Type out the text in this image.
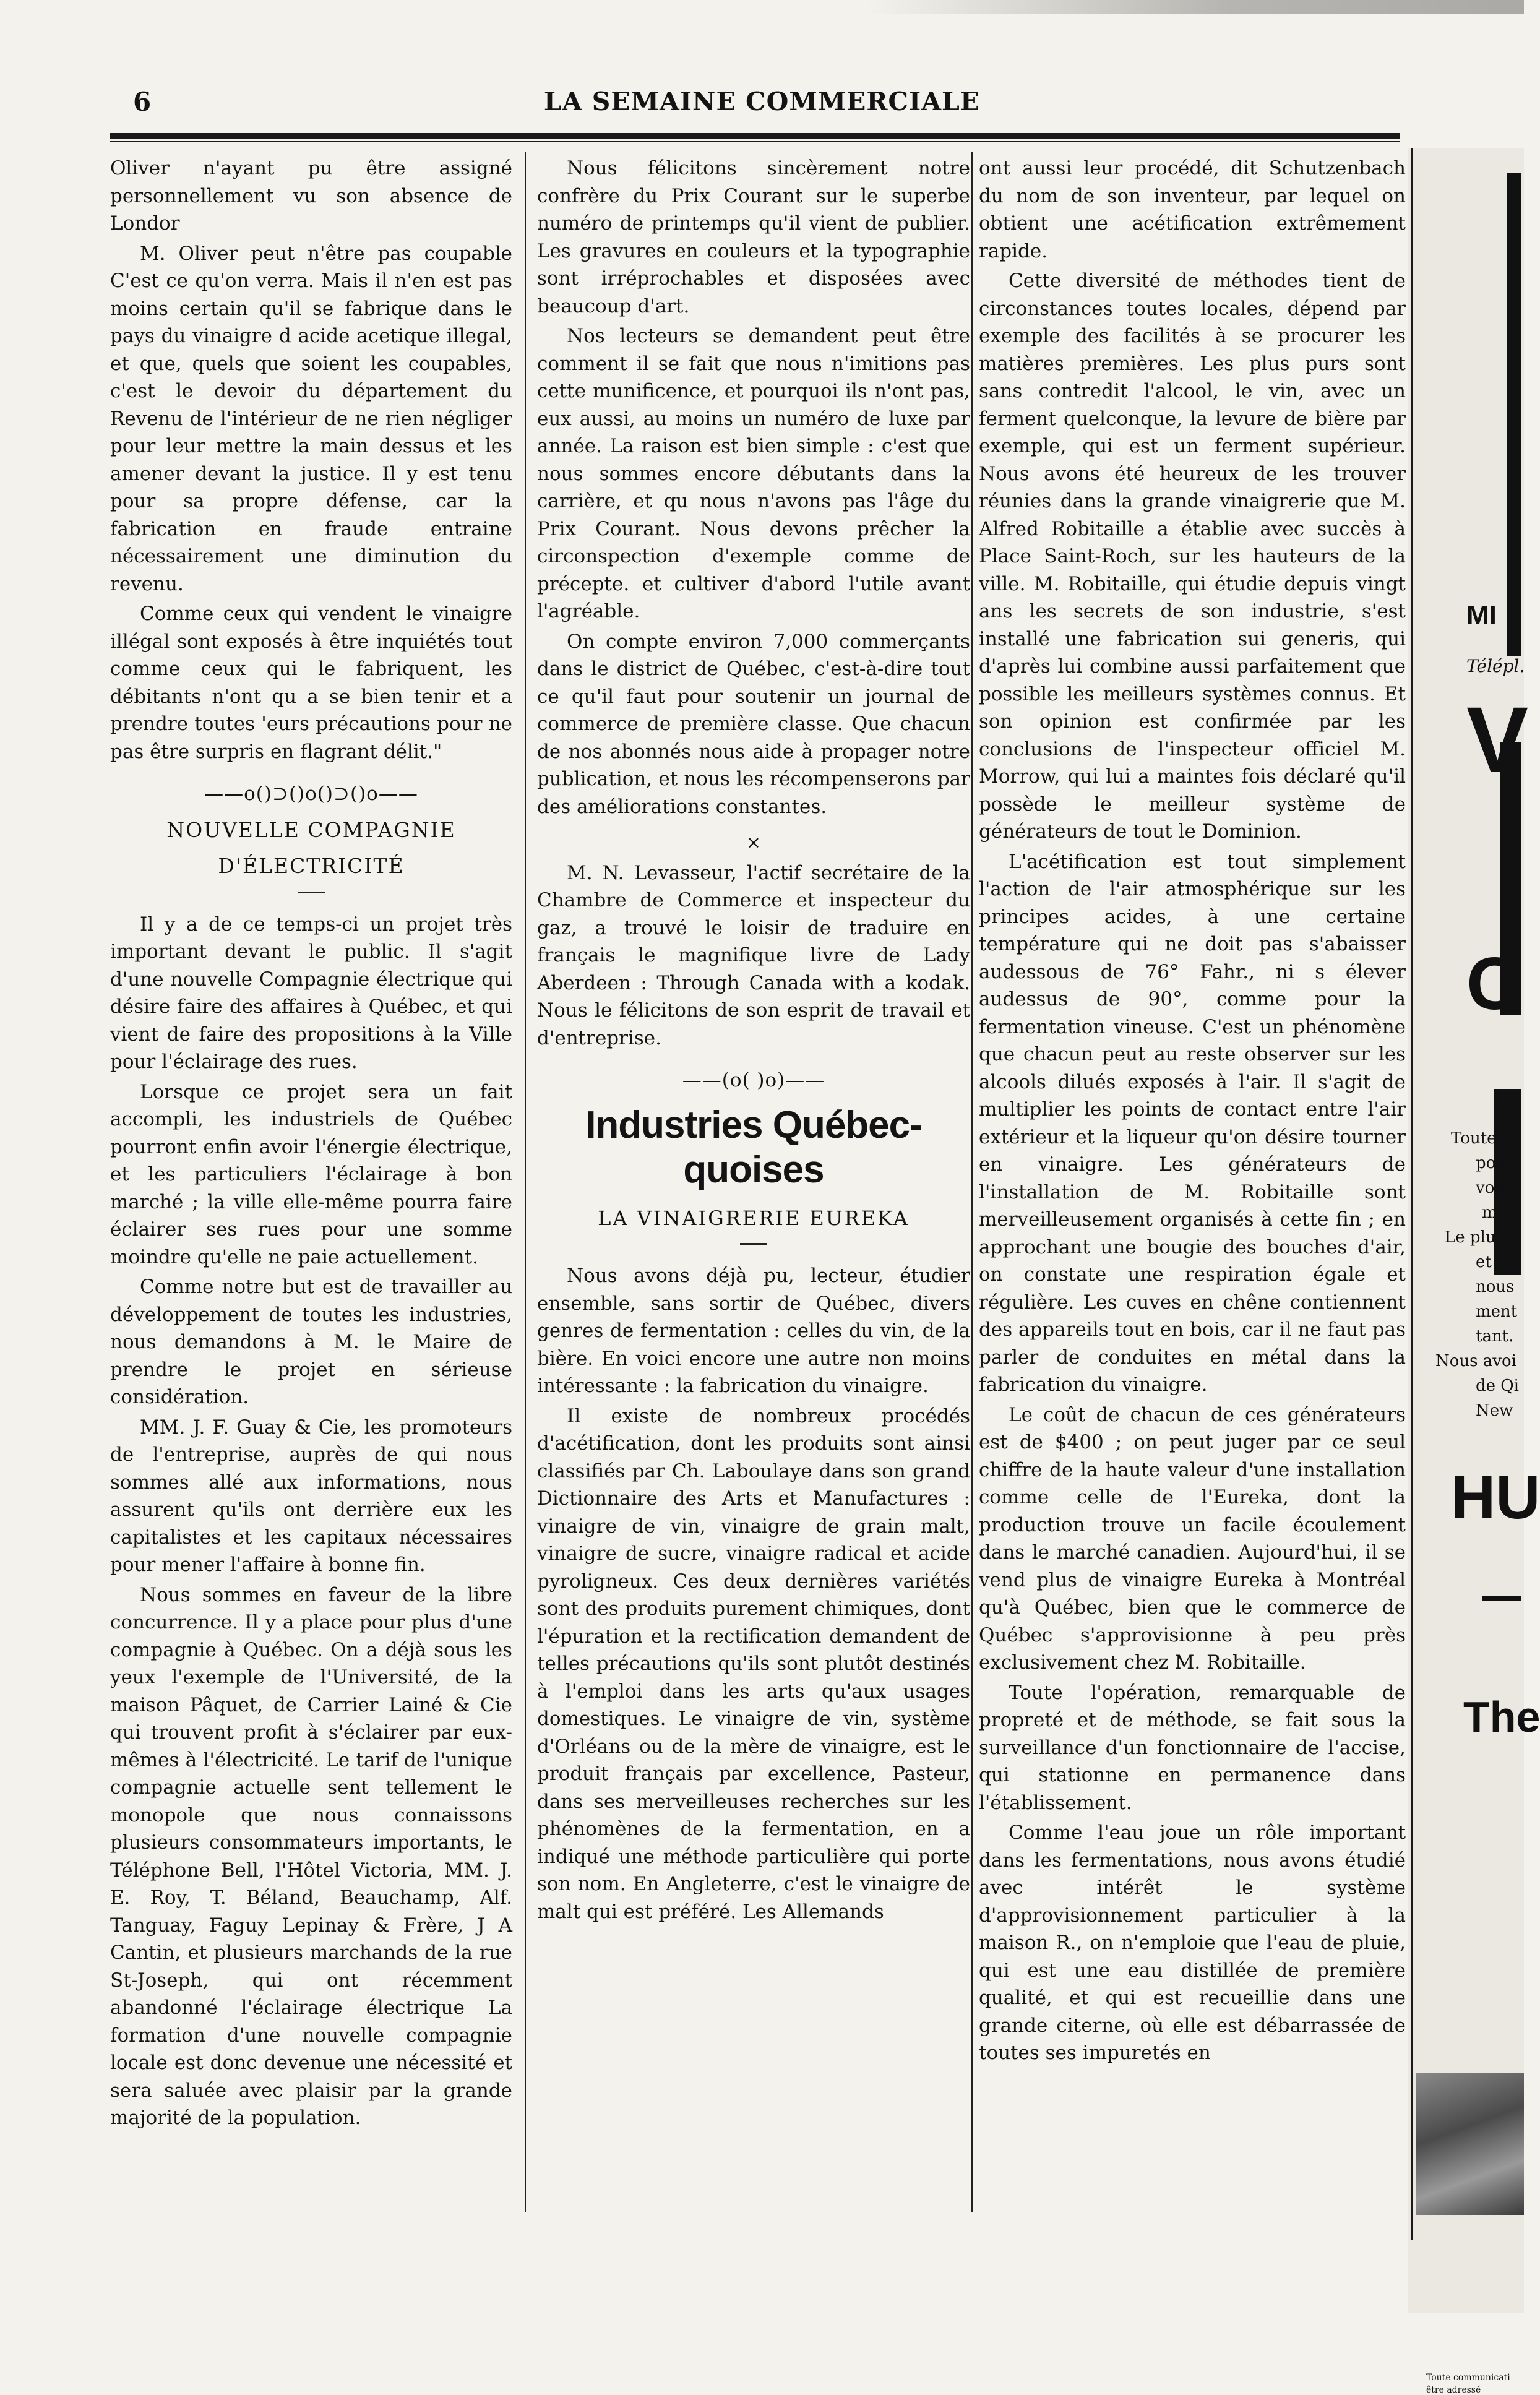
6	LA SEMAINE COMMERCIALE

Oliver n'ayant pu être assigné personnellement vu son absence de Londor

M. Oliver peut n'être pas coupable C'est ce qu'on verra. Mais il n'en est pas moins certain qu'il se fabrique dans le pays du vinaigre d acide acetique illegal, et que, quels que soient les coupables, c'est le devoir du département du Revenu de l'intérieur de ne rien négliger pour leur mettre la main dessus et les amener devant la justice. Il y est tenu pour sa propre défense, car la fabrication en fraude entraine nécessairement une diminution du revenu.

Comme ceux qui vendent le vinaigre illégal sont exposés à être inquiétés tout comme ceux qui le fabriquent, les débitants n'ont qu a se bien tenir et a prendre toutes 'eurs précautions pour ne pas être surpris en flagrant délit."

——o()⊃()o()⊃()o——
NOUVELLE COMPAGNIE
D'ÉLECTRICITÉ

Il y a de ce temps-ci un projet très important devant le public. Il s'agit d'une nouvelle Compagnie électrique qui désire faire des affaires à Québec, et qui vient de faire des propositions à la Ville pour l'éclairage des rues.

Lorsque ce projet sera un fait accompli, les industriels de Québec pourront enfin avoir l'énergie électrique, et les particuliers l'éclairage à bon marché ; la ville elle-même pourra faire éclairer ses rues pour une somme moindre qu'elle ne paie actuellement.

Comme notre but est de travailler au développement de toutes les industries, nous demandons à M. le Maire de prendre le projet en sérieuse considération.

MM. J. F. Guay & Cie, les promoteurs de l'entreprise, auprès de qui nous sommes allé aux informations, nous assurent qu'ils ont derrière eux les capitalistes et les capitaux nécessaires pour mener l'affaire à bonne fin.

Nous sommes en faveur de la libre concurrence. Il y a place pour plus d'une compagnie à Québec. On a déjà sous les yeux l'exemple de l'Université, de la maison Pâquet, de Carrier Lainé & Cie qui trouvent profit à s'éclairer par eux-mêmes à l'électricité. Le tarif de l'unique compagnie actuelle sent tellement le monopole que nous connaissons plusieurs consommateurs importants, le Téléphone Bell, l'Hôtel Victoria, MM. J. E. Roy, T. Béland, Beauchamp, Alf. Tanguay, Faguy Lepinay & Frère, J A Cantin, et plusieurs marchands de la rue St-Joseph, qui ont récemment abandonné l'éclairage électrique La formation d'une nouvelle compagnie locale est donc devenue une nécessité et sera saluée avec plaisir par la grande majorité de la population.

Nous félicitons sincèrement notre confrère du Prix Courant sur le superbe numéro de printemps qu'il vient de publier. Les gravures en couleurs et la typographie sont irréprochables et disposées avec beaucoup d'art.

Nos lecteurs se demandent peut être comment il se fait que nous n'imitions pas cette munificence, et pourquoi ils n'ont pas, eux aussi, au moins un numéro de luxe par année. La raison est bien simple : c'est que nous sommes encore débutants dans la carrière, et qu nous n'avons pas l'âge du Prix Courant. Nous devons prêcher la circonspection d'exemple comme de précepte. et cultiver d'abord l'utile avant l'agréable.

On compte environ 7,000 commerçants dans le district de Québec, c'est-à-dire tout ce qu'il faut pour soutenir un journal de commerce de première classe. Que chacun de nos abonnés nous aide à propager notre publication, et nous les récompenserons par des améliorations constantes.

×

M. N. Levasseur, l'actif secrétaire de la Chambre de Commerce et inspecteur du gaz, a trouvé le loisir de traduire en français le magnifique livre de Lady Aberdeen : Through Canada with a kodak. Nous le félicitons de son esprit de travail et d'entreprise.

——(o( )o)——
Industries Québec-
quoises
LA VINAIGRERIE EUREKA

Nous avons déjà pu, lecteur, étudier ensemble, sans sortir de Québec, divers genres de fermentation : celles du vin, de la bière. En voici encore une autre non moins intéressante : la fabrication du vinaigre.

Il existe de nombreux procédés d'acétification, dont les produits sont ainsi classifiés par Ch. Laboulaye dans son grand Dictionnaire des Arts et Manufactures : vinaigre de vin, vinaigre de grain malt, vinaigre de sucre, vinaigre radical et acide pyroligneux. Ces deux dernières variétés sont des produits purement chimiques, dont l'épuration et la rectification demandent de telles précautions qu'ils sont plutôt destinés à l'emploi dans les arts qu'aux usages domestiques. Le vinaigre de vin, système d'Orléans ou de la mère de vinaigre, est le produit français par excellence, Pasteur, dans ses merveilleuses recherches sur les phénomènes de la fermentation, en a indiqué une méthode particulière qui porte son nom. En Angleterre, c'est le vinaigre de malt qui est préféré. Les Allemands

ont aussi leur procédé, dit Schutzenbach du nom de son inventeur, par lequel on obtient une acétification extrêmement rapide.

Cette diversité de méthodes tient de circonstances toutes locales, dépend par exemple des facilités à se procurer les matières premières. Les plus purs sont sans contredit l'alcool, le vin, avec un ferment quelconque, la levure de bière par exemple, qui est un ferment supérieur. Nous avons été heureux de les trouver réunies dans la grande vinaigrerie que M. Alfred Robitaille a établie avec succès à Place Saint-Roch, sur les hauteurs de la ville. M. Robitaille, qui étudie depuis vingt ans les secrets de son industrie, s'est installé une fabrication sui generis, qui d'après lui combine aussi parfaitement que possible les meilleurs systèmes connus. Et son opinion est confirmée par les conclusions de l'inspecteur officiel M. Morrow, qui lui a maintes fois déclaré qu'il possède le meilleur système de générateurs de tout le Dominion.

L'acétification est tout simplement l'action de l'air atmosphérique sur les principes acides, à une certaine température qui ne doit pas s'abaisser audessous de 76° Fahr., ni s élever audessus de 90°, comme pour la fermentation vineuse. C'est un phénomène que chacun peut au reste observer sur les alcools dilués exposés à l'air. Il s'agit de multiplier les points de contact entre l'air extérieur et la liqueur qu'on désire tourner en vinaigre. Les générateurs de l'installation de M. Robitaille sont merveilleusement organisés à cette fin ; en approchant une bougie des bouches d'air, on constate une respiration égale et régulière. Les cuves en chêne contiennent des appareils tout en bois, car il ne faut pas parler de conduites en métal dans la fabrication du vinaigre.

Le coût de chacun de ces générateurs est de $400 ; on peut juger par ce seul chiffre de la haute valeur d'une installation comme celle de l'Eureka, dont la production trouve un facile écoulement dans le marché canadien. Aujourd'hui, il se vend plus de vinaigre Eureka à Montréal qu'à Québec, bien que le commerce de Québec s'approvisionne à peu près exclusivement chez M. Robitaille.

Toute l'opération, remarquable de propreté et de méthode, se fait sous la surveillance d'un fonctionnaire de l'accise, qui stationne en permanence dans l'établissement.

Comme l'eau joue un rôle important dans les fermentations, nous avons étudié avec intérêt le système d'approvisionnement particulier à la maison R., on n'emploie que l'eau de pluie, qui est une eau distillée de première qualité, et qui est recueillie dans une grande citerne, où elle est débarrassée de toutes ses impuretés en

MI
Télépl.
V
C
Toute nc
poui
voir
mer
Le plus l
et H
nous
ment
tant.
Nous avoi
de Qi
New
HU
The
Toute communicati
être adressé
